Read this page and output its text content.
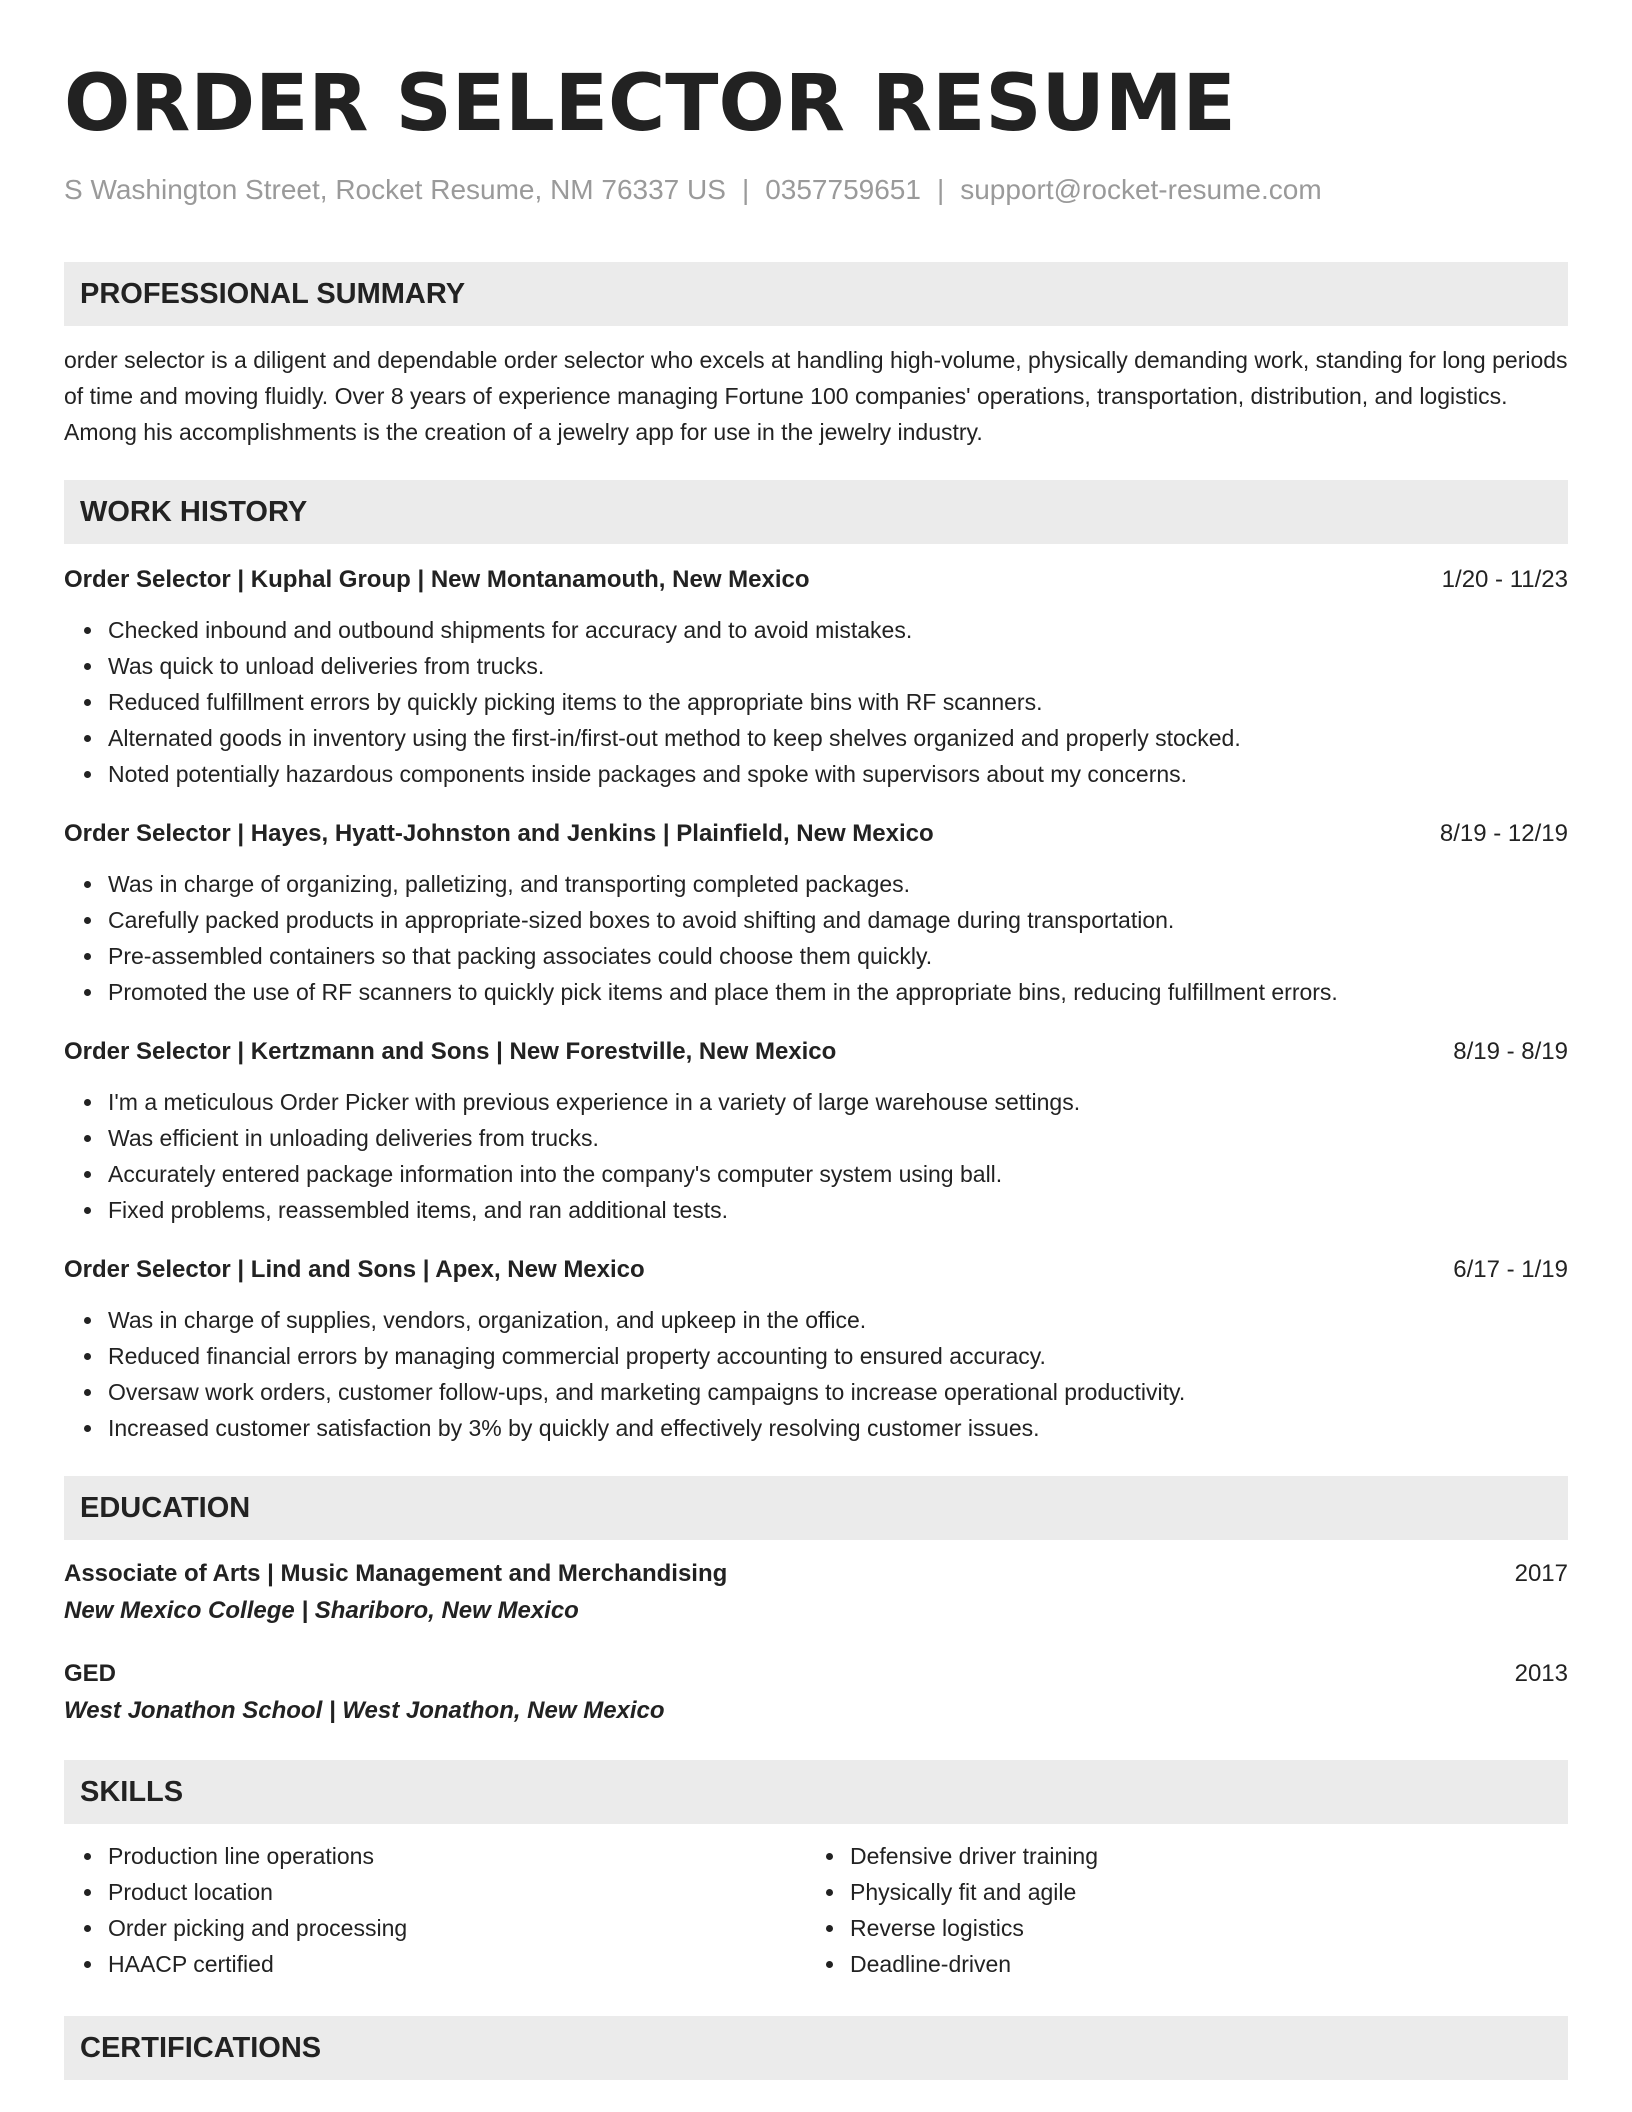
ORDER SELECTOR RESUME
S Washington Street, Rocket Resume, NM 76337 US | 0357759651 | support@rocket-resume.com
PROFESSIONAL SUMMARY

order selector is a diligent and dependable order selector who excels at handling high-volume, physically demanding work, standing for long periods of time and moving fluidly. Over 8 years of experience managing Fortune 100 companies' operations, transportation, distribution, and logistics. Among his accomplishments is the creation of a jewelry app for use in the jewelry industry.

WORK HISTORY
Order Selector | Kuphal Group | New Montanamouth, New Mexico	1/20 - 11/23
Checked inbound and outbound shipments for accuracy and to avoid mistakes.
Was quick to unload deliveries from trucks.
Reduced fulfillment errors by quickly picking items to the appropriate bins with RF scanners.
Alternated goods in inventory using the first-in/first-out method to keep shelves organized and properly stocked.
Noted potentially hazardous components inside packages and spoke with supervisors about my concerns.
Order Selector | Hayes, Hyatt-Johnston and Jenkins | Plainfield, New Mexico	8/19 - 12/19
Was in charge of organizing, palletizing, and transporting completed packages.
Carefully packed products in appropriate-sized boxes to avoid shifting and damage during transportation.
Pre-assembled containers so that packing associates could choose them quickly.
Promoted the use of RF scanners to quickly pick items and place them in the appropriate bins, reducing fulfillment errors.
Order Selector | Kertzmann and Sons | New Forestville, New Mexico	8/19 - 8/19
I'm a meticulous Order Picker with previous experience in a variety of large warehouse settings.
Was efficient in unloading deliveries from trucks.
Accurately entered package information into the company's computer system using ball.
Fixed problems, reassembled items, and ran additional tests.
Order Selector | Lind and Sons | Apex, New Mexico	6/17 - 1/19
Was in charge of supplies, vendors, organization, and upkeep in the office.
Reduced financial errors by managing commercial property accounting to ensured accuracy.
Oversaw work orders, customer follow-ups, and marketing campaigns to increase operational productivity.
Increased customer satisfaction by 3% by quickly and effectively resolving customer issues.
EDUCATION
Associate of Arts | Music Management and Merchandising	2017
New Mexico College | Shariboro, New Mexico
GED	2013
West Jonathon School | West Jonathon, New Mexico
SKILLS
Production line operations
Product location
Order picking and processing
HAACP certified
Defensive driver training
Physically fit and agile
Reverse logistics
Deadline-driven
CERTIFICATIONS
